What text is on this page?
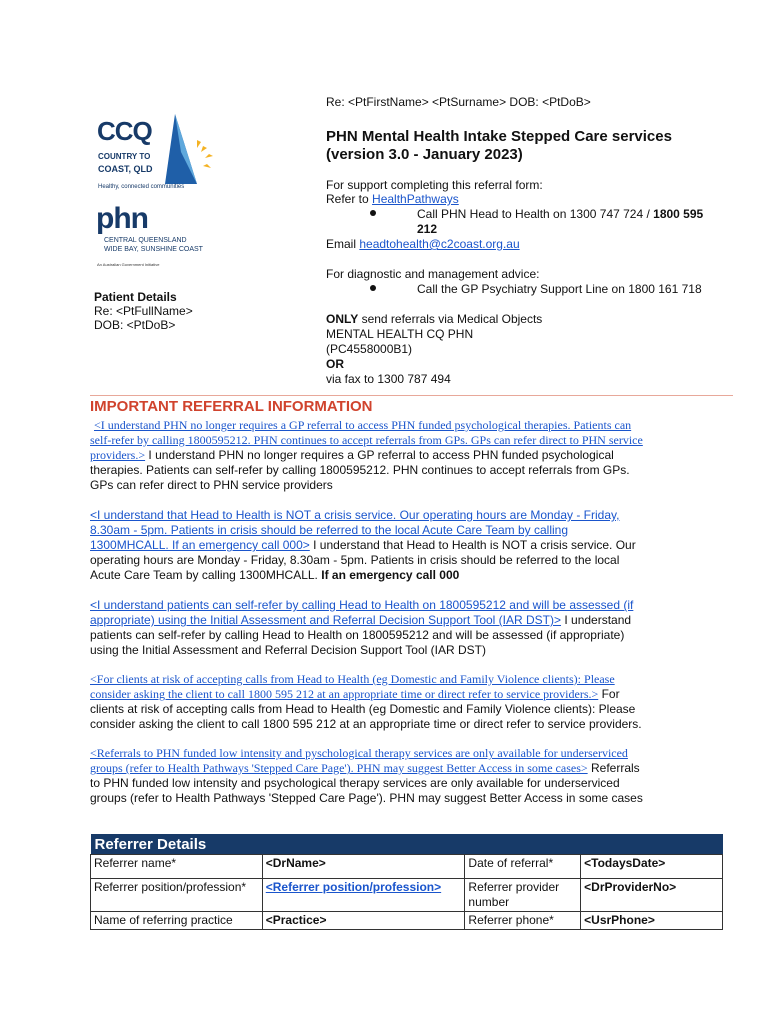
Re: <PtFirstName> <PtSurname> DOB: <PtDoB>
CCQ
COUNTRY TO
COAST, QLD
Healthy, connected communities
phn
CENTRAL QUEENSLAND
WIDE BAY, SUNSHINE COAST
An Australian Government Initiative
Patient Details
Re: <PtFullName>
DOB: <PtDoB>
PHN Mental Health Intake Stepped Care services
(version 3.0 - January 2023)
For support completing this referral form:
Refer to HealthPathways
Call PHN Head to Health on 1300 747 724 / 1800 595
212
Email headtohealth@c2coast.org.au
For diagnostic and management advice:
Call the GP Psychiatry Support Line on 1800 161 718
ONLY send referrals via Medical Objects
MENTAL HEALTH CQ PHN
(PC4558000B1)
OR
via fax to 1300 787 494
IMPORTANT REFERRAL INFORMATION
<I understand PHN no longer requires a GP referral to access PHN funded psychological therapies. Patients can
self-refer by calling 1800595212. PHN continues to accept referrals from GPs. GPs can refer direct to PHN service
providers.> I understand PHN no longer requires a GP referral to access PHN funded psychological
therapies. Patients can self-refer by calling 1800595212. PHN continues to accept referrals from GPs.
GPs can refer direct to PHN service providers
<I understand that Head to Health is NOT a crisis service. Our operating hours are Monday - Friday,
8.30am - 5pm. Patients in crisis should be referred to the local Acute Care Team by calling
1300MHCALL. If an emergency call 000> I understand that Head to Health is NOT a crisis service. Our
operating hours are Monday - Friday, 8.30am - 5pm. Patients in crisis should be referred to the local
Acute Care Team by calling 1300MHCALL. If an emergency call 000
<I understand patients can self-refer by calling Head to Health on 1800595212 and will be assessed (if
appropriate) using the Initial Assessment and Referral Decision Support Tool (IAR DST)> I understand
patients can self-refer by calling Head to Health on 1800595212 and will be assessed (if appropriate)
using the Initial Assessment and Referral Decision Support Tool (IAR DST)
<For clients at risk of accepting calls from Head to Health (eg Domestic and Family Violence clients): Please
consider asking the client to call 1800 595 212 at an appropriate time or direct refer to service providers.> For
clients at risk of accepting calls from Head to Health (eg Domestic and Family Violence clients): Please
consider asking the client to call 1800 595 212 at an appropriate time or direct refer to service providers.
<Referrals to PHN funded low intensity and pyschological therapy services are only available for underserviced
groups (refer to Health Pathways 'Stepped Care Page'). PHN may suggest Better Access in some cases> Referrals
to PHN funded low intensity and psychological therapy services are only available for underserviced
groups (refer to Health Pathways 'Stepped Care Page'). PHN may suggest Better Access in some cases
Referrer Details			
Referrer name*	<DrName>	Date of referral*	<TodaysDate>
Referrer position/profession*	<Referrer position/profession>	Referrer provider number	<DrProviderNo>
Name of referring practice	<Practice>	Referrer phone*	<UsrPhone>
